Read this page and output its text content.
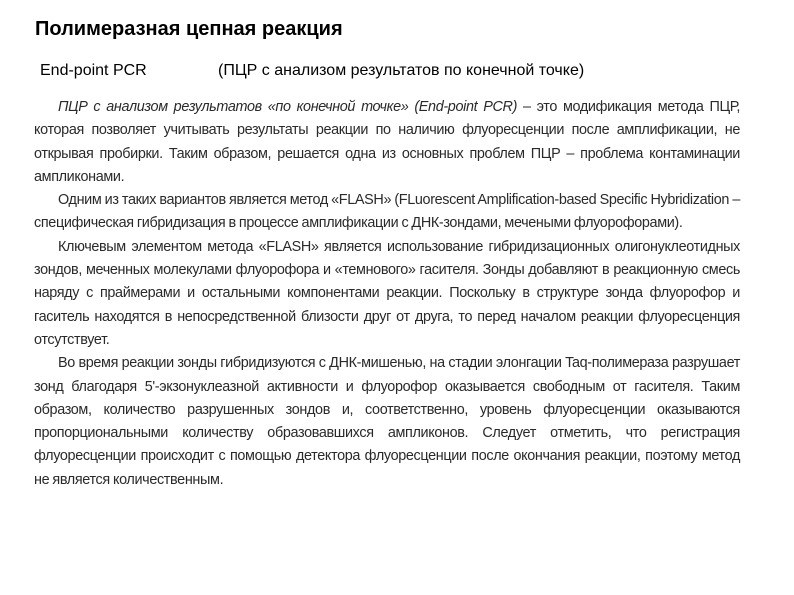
Полимеразная цепная реакция
End-point PCR	(ПЦР с анализом результатов по конечной точке)

ПЦР с анализом результатов «по конечной точке» (End-point PCR) – это модификация метода ПЦР, которая позволяет учитывать результаты реакции по наличию флуоресценции после амплификации, не открывая пробирки. Таким образом, решается одна из основных проблем ПЦР – проблема контаминации ампликонами.

Одним из таких вариантов является метод «FLASH» (FLuorescent Amplification-based Specific Hybridization – специфическая гибридизация в процессе амплификации с ДНК-зондами, мечеными флуорофорами).

Ключевым элементом метода «FLASH» является использование гибридизационных олигонуклеотидных зондов, меченных молекулами флуорофора и «темнового» гасителя. Зонды добавляют в реакционную смесь наряду с праймерами и остальными компонентами реакции. Поскольку в структуре зонда флуорофор и гаситель находятся в непосредственной близости друг от друга, то перед началом реакции флуоресценция отсутствует.

Во время реакции зонды гибридизуются с ДНК-мишенью, на стадии элонгации Taq-полимераза разрушает зонд благодаря 5'-экзонуклеазной активности и флуорофор оказывается свободным от гасителя. Таким образом, количество разрушенных зондов и, соответственно, уровень флуоресценции оказываются пропорциональными количеству образовавшихся ампликонов. Следует отметить, что регистрация флуоресценции происходит с помощью детектора флуоресценции после окончания реакции, поэтому метод не является количественным.
